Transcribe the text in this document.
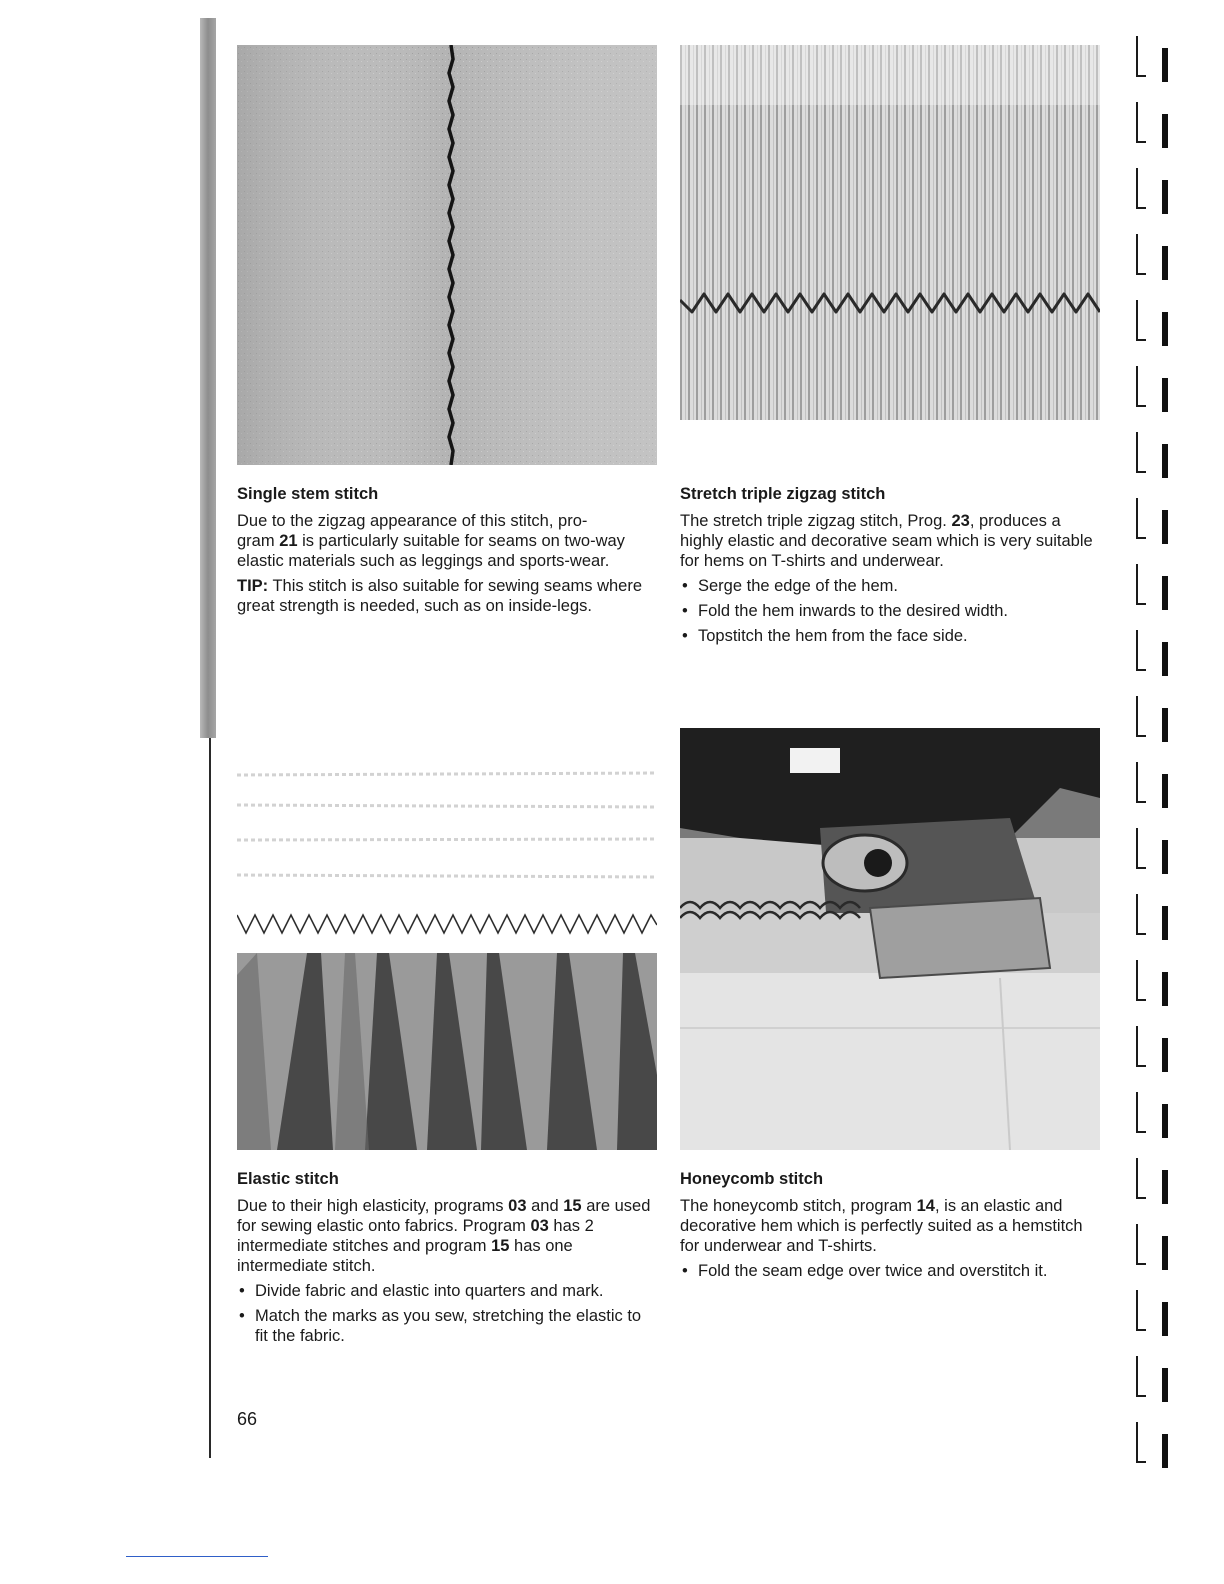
Single stem stitch

Due to the zigzag appearance of this stitch, pro-
gram 21 is particularly suitable for seams on two-way elastic materials such as leggings and sports-wear.

TIP: This stitch is also suitable for sewing seams where great strength is needed, such as on inside-legs.

Stretch triple zigzag stitch

The stretch triple zigzag stitch, Prog. 23, produces a highly elastic and decorative seam which is very suitable for hems on T-shirts and underwear.

• Serge the edge of the hem.
• Fold the hem inwards to the desired width.
• Topstitch the hem from the face side.
Elastic stitch

Due to their high elasticity, programs 03 and 15 are used for sewing elastic onto fabrics. Program 03 has 2 intermediate stitches and program 15 has one intermediate stitch.

• Divide fabric and elastic into quarters and mark.
• Match the marks as you sew, stretching the elastic to fit the fabric.
Honeycomb stitch

The honeycomb stitch, program 14, is an elastic and decorative hem which is perfectly suited as a hemstitch for underwear and T-shirts.

• Fold the seam edge over twice and overstitch it.
66
